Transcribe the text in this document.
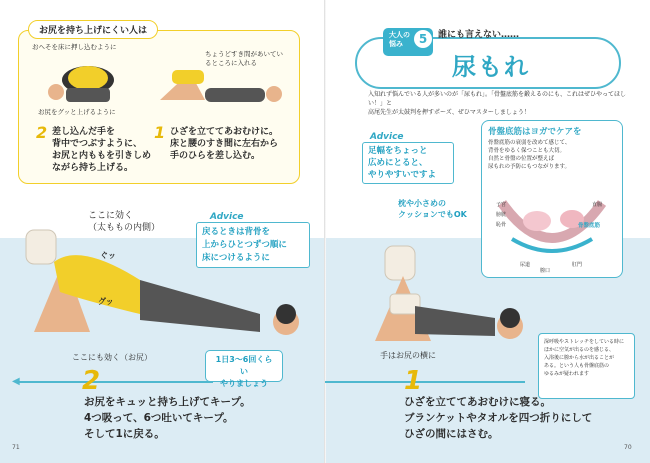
お尻を持ち上げにくい人は
おへそを床に押し込むように
お尻をグッと上げるように
ちょうどすき間があいているところに入れる
2 差し込んだ手を
背中でつぶすように、
お尻と内ももを引きしめ
ながら持ち上げる。
1 ひざを立ててあおむけに。
床と腰のすき間に左右から
手のひらを差し込む。
ここに効く
（太ももの内側）
ぐッ
グッ
Advice
戻るときは背骨を
上からひとつずつ順に
床につけるように
ここにも効く（お尻）	1日3〜6回くらい
やりましょう
◀ 2
お尻をキュッと持ち上げてキープ。
4つ吸って、6つ吐いてキープ。
そして1に戻る。
71
大人の
悩み	5	誰にも言えない……
尿もれ
入知れず悩んでいる人が多いのが「尿もれ」。「骨盤底筋を鍛えるのにも、これはぜひやってほしい！」と
高尾先生が太鼓判を押すポーズ、ぜひマスターしましょう！
Advice
足幅をちょっと
広めにとると、
やりやすいですよ
枕や小さめの
クッションでもOK
骨盤底筋はヨガでケアを
骨盤底筋の衰弱を改めて感じて、
背骨をゆるく保つことも大切。
自然と骨盤の位置が整えば
尿もれの予防にもつながります。
子宮
膀胱
恥骨
尿道
膣口
肛門
直腸
骨盤底筋
手はお尻の横に
深呼吸やストレッチをしている時に
ほかに空気が出るのを感じる、
入浴後に膣から水が出ることが
ある。という人も骨盤底筋の
ゆるみが疑われます
1
ひざを立ててあおむけに寝る。
ブランケットやタオルを四つ折りにして
ひざの間にはさむ。
70
